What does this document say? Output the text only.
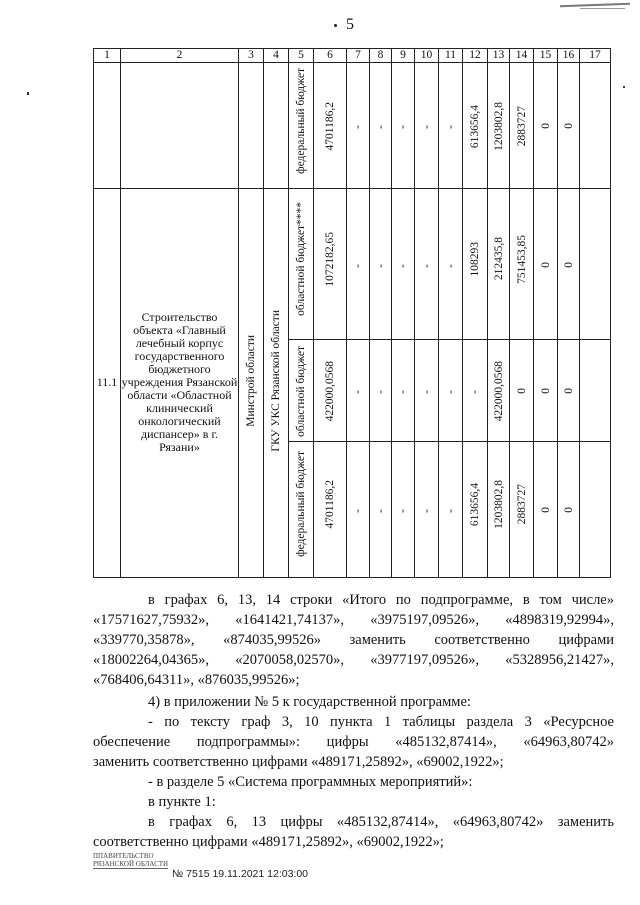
5
1	2	3	4	5	6	7	8	9	10	11	12	13	14	15	16	17
				федеральный бюджет	4701186,2	-	-	-	-	-	613656,4	1203802,8	2883727	0	0	
11.1	Строительство объекта «Главный лечебный корпус государственного бюджетного учреждения Рязанской области «Областной клинический онкологический диспансер» в г. Рязани»	Минстрой области	ГКУ УКС Рязанской области	областной бюджет****	1072182,65	-	-	-	-	-	108293	212435,8	751453,85	0	0	
				областной бюджет	422000,0568	-	-	-	-	-	-	422000,0568	0	0	0	
				федеральный бюджет	4701186,2	-	-	-	-	-	613656,4	1203802,8	2883727	0	0	
в графах 6, 13, 14 строки «Итого по подпрограмме, в том числе»
«17571627,75932», «1641421,74137», «3975197,09526», «4898319,92994»,
«339770,35878», «874035,99526» заменить соответственно цифрами
«18002264,04365», «2070058,02570», «3977197,09526», «5328956,21427»,
«768406,64311», «876035,99526»;
4) в приложении № 5 к государственной программе:
- по тексту граф 3, 10 пункта 1 таблицы раздела 3 «Ресурсное
обеспечение подпрограммы»: цифры «485132,87414», «64963,80742»
заменить соответственно цифрами «489171,25892», «69002,1922»;
- в разделе 5 «Система программных мероприятий»:
в пункте 1:
в графах 6, 13 цифры «485132,87414», «64963,80742» заменить
соответственно цифрами «489171,25892», «69002,1922»;
ППАВИТЕЛЬСТВО
РЯЗАНСКОЙ ОБЛАСТИ
№ 7515 19.11.2021 12:03:00
